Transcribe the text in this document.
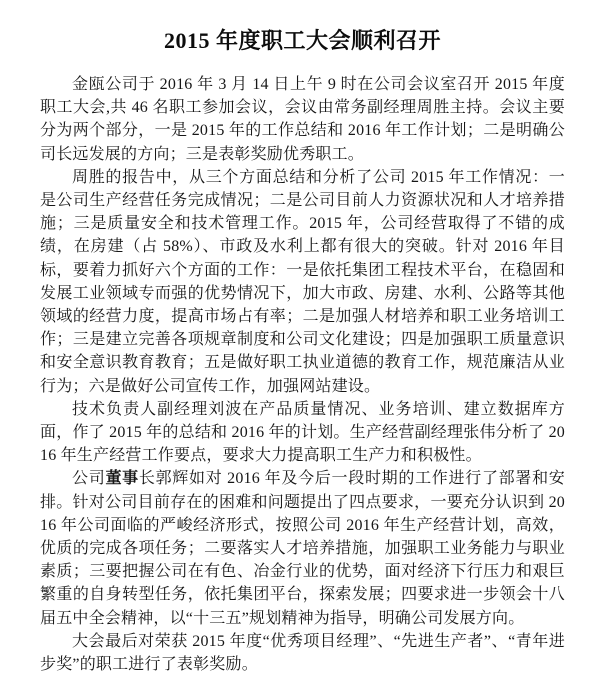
2015 年度职工大会顺利召开

金瓯公司于 2016 年 3 月 14 日上午 9 时在公司会议室召开 2015 年度职工大会,共 46 名职工参加会议，会议由常务副经理周胜主持。会议主要分为两个部分，一是 2015 年的工作总结和 2016 年工作计划；二是明确公司长远发展的方向；三是表彰奖励优秀职工。

周胜的报告中，从三个方面总结和分析了公司 2015 年工作情况：一是公司生产经营任务完成情况；二是公司目前人力资源状况和人才培养措施；三是质量安全和技术管理工作。2015 年，公司经营取得了不错的成绩，在房建（占 58%）、市政及水利上都有很大的突破。针对 2016 年目标，要着力抓好六个方面的工作：一是依托集团工程技术平台，在稳固和发展工业领域专而强的优势情况下，加大市政、房建、水利、公路等其他领域的经营力度，提高市场占有率；二是加强人材培养和职工业务培训工作；三是建立完善各项规章制度和公司文化建设；四是加强职工质量意识和安全意识教育教育；五是做好职工执业道德的教育工作，规范廉洁从业行为；六是做好公司宣传工作，加强网站建设。

技术负责人副经理刘波在产品质量情况、业务培训、建立数据库方面，作了 2015 年的总结和 2016 年的计划。生产经营副经理张伟分析了 2016 年生产经营工作要点，要求大力提高职工生产力和积极性。

公司董事长郭辉如对 2016 年及今后一段时期的工作进行了部署和安排。针对公司目前存在的困难和问题提出了四点要求，一要充分认识到 2016 年公司面临的严峻经济形式，按照公司 2016 年生产经营计划，高效，优质的完成各项任务；二要落实人才培养措施，加强职工业务能力与职业素质；三要把握公司在有色、冶金行业的优势，面对经济下行压力和艰巨繁重的自身转型任务，依托集团平台，探索发展；四要求进一步领会十八届五中全会精神，以“十三五”规划精神为指导，明确公司发展方向。

大会最后对荣获 2015 年度“优秀项目经理”、“先进生产者”、“青年进步奖”的职工进行了表彰奖励。
